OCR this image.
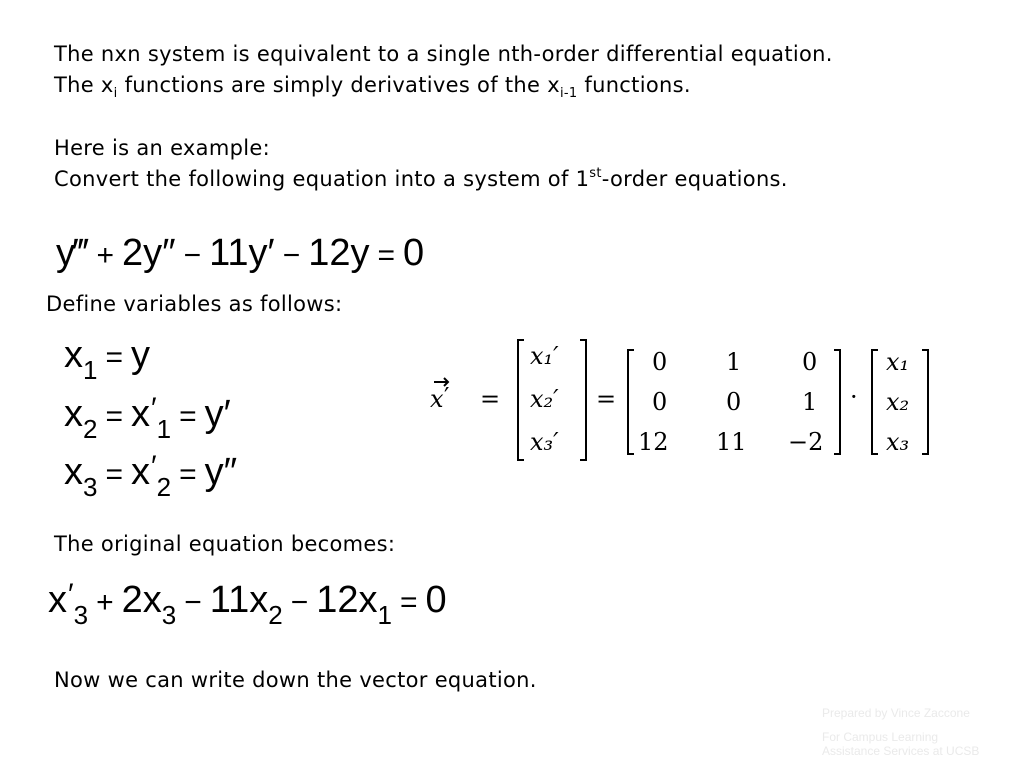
The nxn system is equivalent to a single nth-order differential equation.
The $x_i$ functions are simply derivatives of the $x_{i-1}$ functions.
Here is an example:
Convert the following equation into a system of 1st-order equations.
y‴ + 2y″ − 11y′ − 12y = 0
Define variables as follows:
$x_1 = y$
$x_2 = x'_1 = y'$
$x_3 = x'_2 = y''$
x ′ =
x₁′
x₂′
x₃′
=
0 1	0
0 0	1
12 11 −2
·
x₁
x₂
x₃
The original equation becomes:
$x'_3 + 2x_3 - 11x_2 - 12x_1 = 0$
Now we can write down the vector equation.
Prepared by Vince Zaccone
For Campus Learning
Assistance Services at UCSB
